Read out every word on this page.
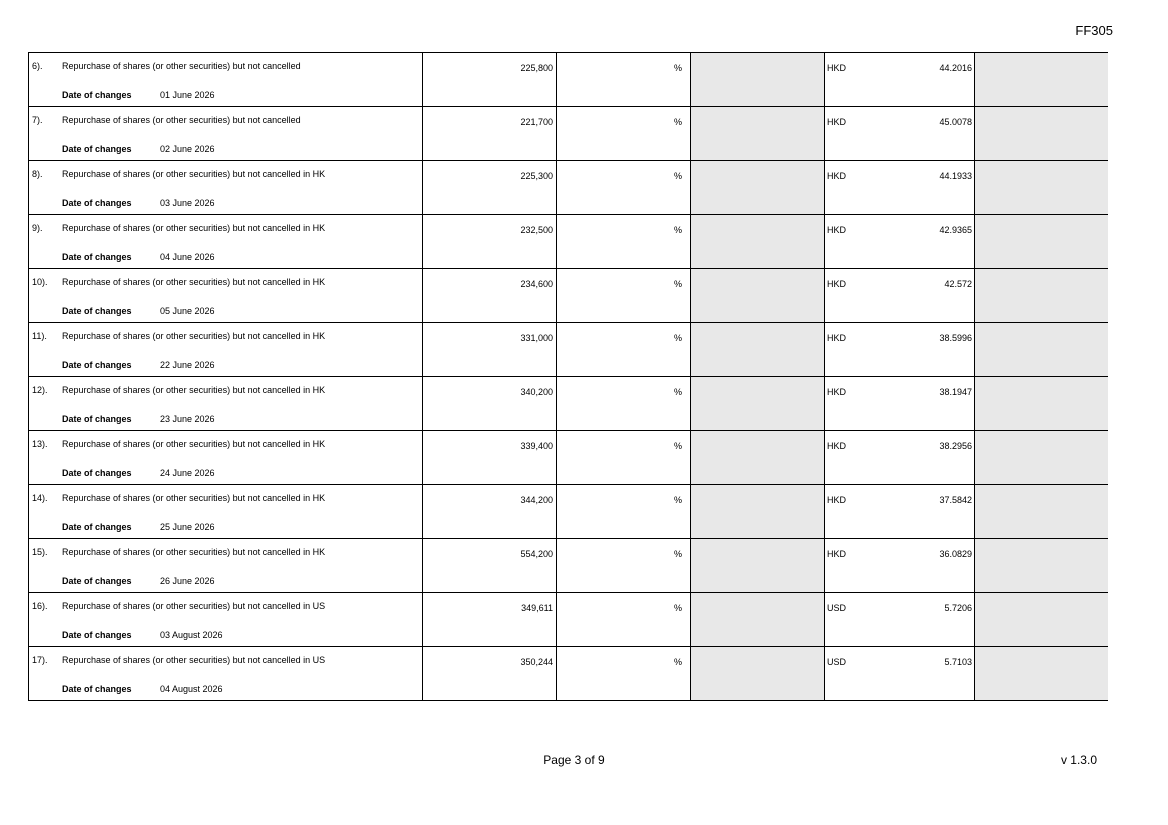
FF305
6). Repurchase of shares (or other securities) but not cancelled
Date of changes	01 June 2026
225,800	%	HKD	44.2016
7). Repurchase of shares (or other securities) but not cancelled
Date of changes	02 June 2026
221,700	%	HKD	45.0078
8). Repurchase of shares (or other securities) but not cancelled in HK
Date of changes	03 June 2026
225,300	%	HKD	44.1933
9). Repurchase of shares (or other securities) but not cancelled in HK
Date of changes	04 June 2026
232,500	%	HKD	42.9365
10). Repurchase of shares (or other securities) but not cancelled in HK
Date of changes	05 June 2026
234,600	%	HKD	42.572
11). Repurchase of shares (or other securities) but not cancelled in HK
Date of changes	22 June 2026
331,000	%	HKD	38.5996
12). Repurchase of shares (or other securities) but not cancelled in HK
Date of changes	23 June 2026
340,200	%	HKD	38.1947
13). Repurchase of shares (or other securities) but not cancelled in HK
Date of changes	24 June 2026
339,400	%	HKD	38.2956
14). Repurchase of shares (or other securities) but not cancelled in HK
Date of changes	25 June 2026
344,200	%	HKD	37.5842
15). Repurchase of shares (or other securities) but not cancelled in HK
Date of changes	26 June 2026
554,200	%	HKD	36.0829
16). Repurchase of shares (or other securities) but not cancelled in US
Date of changes	03 August 2026
349,611	%	USD	5.7206
17). Repurchase of shares (or other securities) but not cancelled in US
Date of changes	04 August 2026
350,244	%	USD	5.7103
Page 3 of 9	v 1.3.0
